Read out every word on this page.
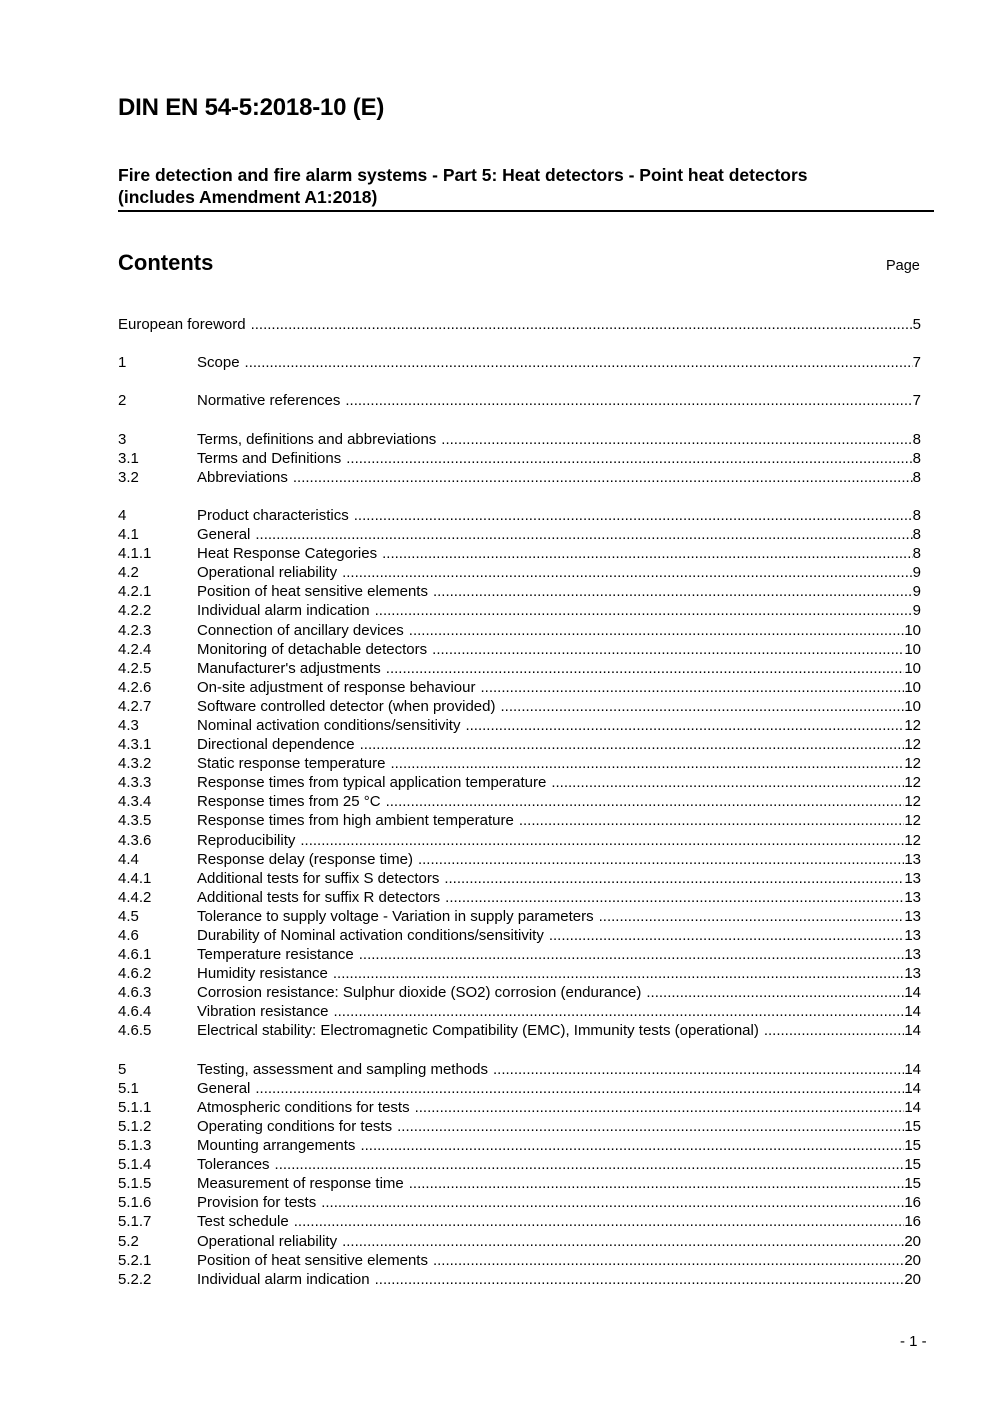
DIN EN 54-5:2018-10 (E)
Fire detection and fire alarm systems - Part 5: Heat detectors - Point heat detectors
(includes Amendment A1:2018)
Contents	Page
European foreword .....	5
1	Scope .....	7
2	Normative references .....	7
3	Terms, definitions and abbreviations .....	8
3.1	Terms and Definitions .....	8
3.2	Abbreviations .....	8
4	Product characteristics .....	8
4.1	General .....	8
4.1.1	Heat Response Categories .....	8
4.2	Operational reliability .....	9
4.2.1	Position of heat sensitive elements .....	9
4.2.2	Individual alarm indication .....	9
4.2.3	Connection of ancillary devices .....	10
4.2.4	Monitoring of detachable detectors .....	10
4.2.5	Manufacturer's adjustments .....	10
4.2.6	On-site adjustment of response behaviour .....	10
4.2.7	Software controlled detector (when provided) .....	10
4.3	Nominal activation conditions/sensitivity .....	12
4.3.1	Directional dependence .....	12
4.3.2	Static response temperature .....	12
4.3.3	Response times from typical application temperature .....	12
4.3.4	Response times from 25 °C .....	12
4.3.5	Response times from high ambient temperature .....	12
4.3.6	Reproducibility .....	12
4.4	Response delay (response time) .....	13
4.4.1	Additional tests for suffix S detectors .....	13
4.4.2	Additional tests for suffix R detectors .....	13
4.5	Tolerance to supply voltage - Variation in supply parameters .....	13
4.6	Durability of Nominal activation conditions/sensitivity .....	13
4.6.1	Temperature resistance .....	13
4.6.2	Humidity resistance .....	13
4.6.3	Corrosion resistance: Sulphur dioxide (SO2) corrosion (endurance) .....	14
4.6.4	Vibration resistance .....	14
4.6.5	Electrical stability: Electromagnetic Compatibility (EMC), Immunity tests (operational) .....	14
5	Testing, assessment and sampling methods .....	14
5.1	General .....	14
5.1.1	Atmospheric conditions for tests .....	14
5.1.2	Operating conditions for tests .....	15
5.1.3	Mounting arrangements .....	15
5.1.4	Tolerances .....	15
5.1.5	Measurement of response time .....	15
5.1.6	Provision for tests .....	16
5.1.7	Test schedule .....	16
5.2	Operational reliability .....	20
5.2.1	Position of heat sensitive elements .....	20
5.2.2	Individual alarm indication .....	20
- 1 -
